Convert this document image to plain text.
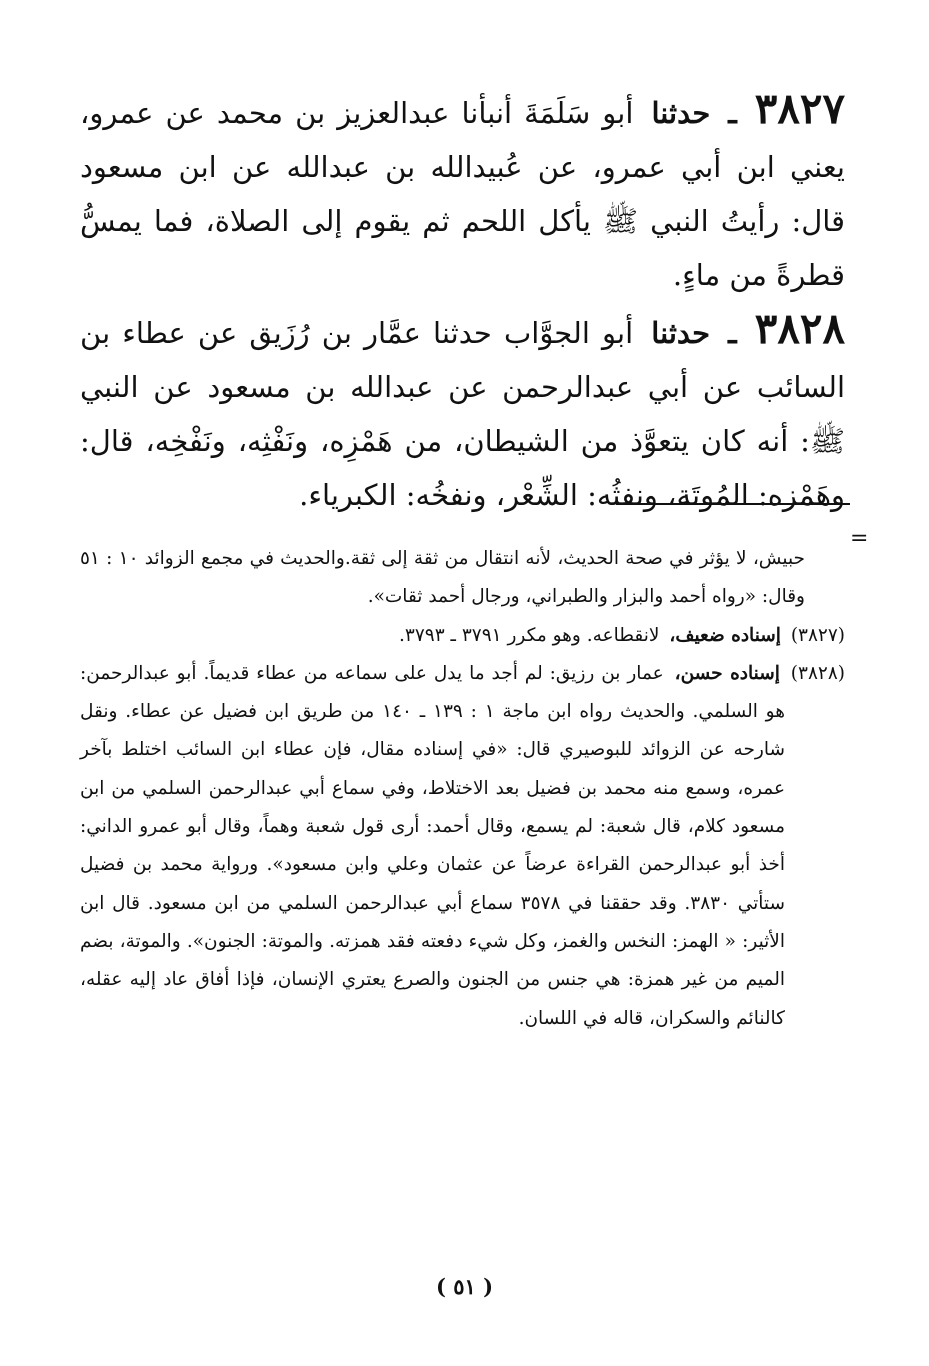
٣٨٢٧ ـ حدثنا أبو سَلَمَةَ أنبأنا عبدالعزيز بن محمد عن عمرو، يعني ابن أبي عمرو، عن عُبيدالله بن عبدالله عن ابن مسعود قال: رأيتُ النبي ﷺ يأكل اللحم ثم يقوم إلى الصلاة، فما يمسُّ قطرةً من ماءٍ.

٣٨٢٨ ـ حدثنا أبو الجوَّاب حدثنا عمَّار بن رُزَيق عن عطاء بن السائب عن أبي عبدالرحمن عن عبدالله بن مسعود عن النبي ﷺ: أنه كان يتعوَّذ من الشيطان، من هَمْزِه، ونَفْثِه، ونَفْخِه، قال: وهَمْزه: المُوتَة، ونفثُه: الشِّعْر، ونفخُه: الكبرياء.

=

حبيش، لا يؤثر في صحة الحديث، لأنه انتقال من ثقة إلى ثقة.والحديث في مجمع الزوائد ١٠ : ٥١ وقال: «رواه أحمد والبزار والطبراني، ورجال أحمد ثقات».

(٣٨٢٧) إسناده ضعيف، لانقطاعه. وهو مكرر ٣٧٩١ ـ ٣٧٩٣.

(٣٨٢٨) إسناده حسن، عمار بن رزيق: لم أجد ما يدل على سماعه من عطاء قديماً. أبو عبدالرحمن: هو السلمي. والحديث رواه ابن ماجة ١ : ١٣٩ ـ ١٤٠ من طريق ابن فضيل عن عطاء. ونقل شارحه عن الزوائد للبوصيري قال: «في إسناده مقال، فإن عطاء ابن السائب اختلط بآخر عمره، وسمع منه محمد بن فضيل بعد الاختلاط، وفي سماع أبي عبدالرحمن السلمي من ابن مسعود كلام، قال شعبة: لم يسمع، وقال أحمد: أرى قول شعبة وهماً، وقال أبو عمرو الداني: أخذ أبو عبدالرحمن القراءة عرضاً عن عثمان وعلي وابن مسعود». ورواية محمد بن فضيل ستأتي ٣٨٣٠. وقد حققنا في ٣٥٧٨ سماع أبي عبدالرحمن السلمي من ابن مسعود. قال ابن الأثير: « الهمز: النخس والغمز، وكل شيء دفعته فقد همزته. والموتة: الجنون». والموتة، بضم الميم من غير همزة: هي جنس من الجنون والصرع يعتري الإنسان، فإذا أفاق عاد إليه عقله، كالنائم والسكران، قاله في اللسان.

( ٥١ )
